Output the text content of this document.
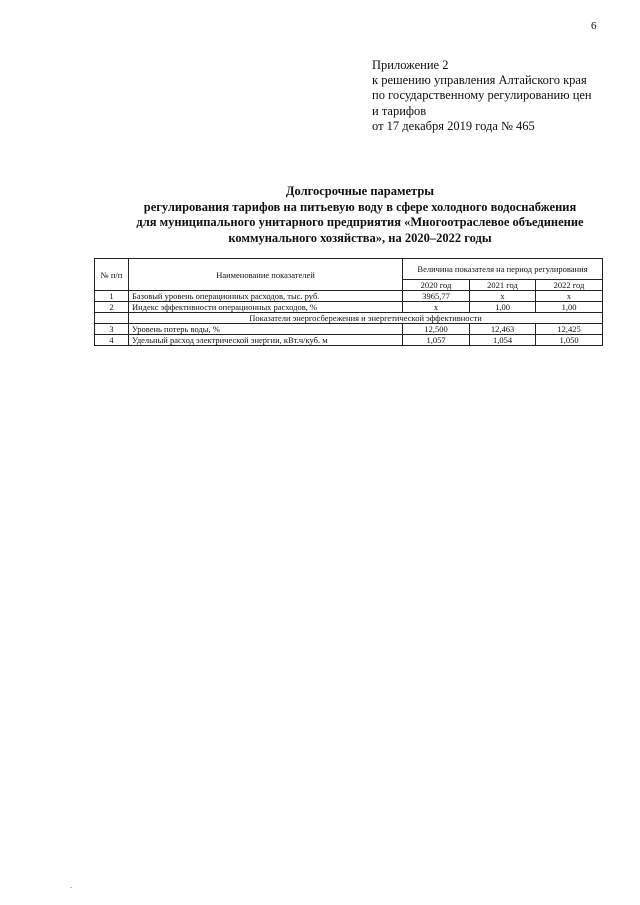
6
Приложение 2
к решению управления Алтайского края
по государственному регулированию цен
и тарифов
от 17 декабря 2019 года № 465
Долгосрочные параметры
регулирования тарифов на питьевую воду в сфере холодного водоснабжения
для муниципального унитарного предприятия «Многоотраслевое объединение
коммунального хозяйства», на 2020–2022 годы
№ п/п	Наименование показателей	Величина показателя на период регулирования		
		2020 год	2021 год	2022 год
1	Базовый уровень операционных расходов, тыс. руб.	3965,77	х	х
2	Индекс эффективности операционных расходов, %	х	1,00	1,00
	Показатели энергосбережения и энергетической эффективности			
3	Уровень потерь воды, %	12,500	12,463	12,425
4	Удельный расход электрической энергии, кВт.ч/куб. м	1,057	1,054	1,050
